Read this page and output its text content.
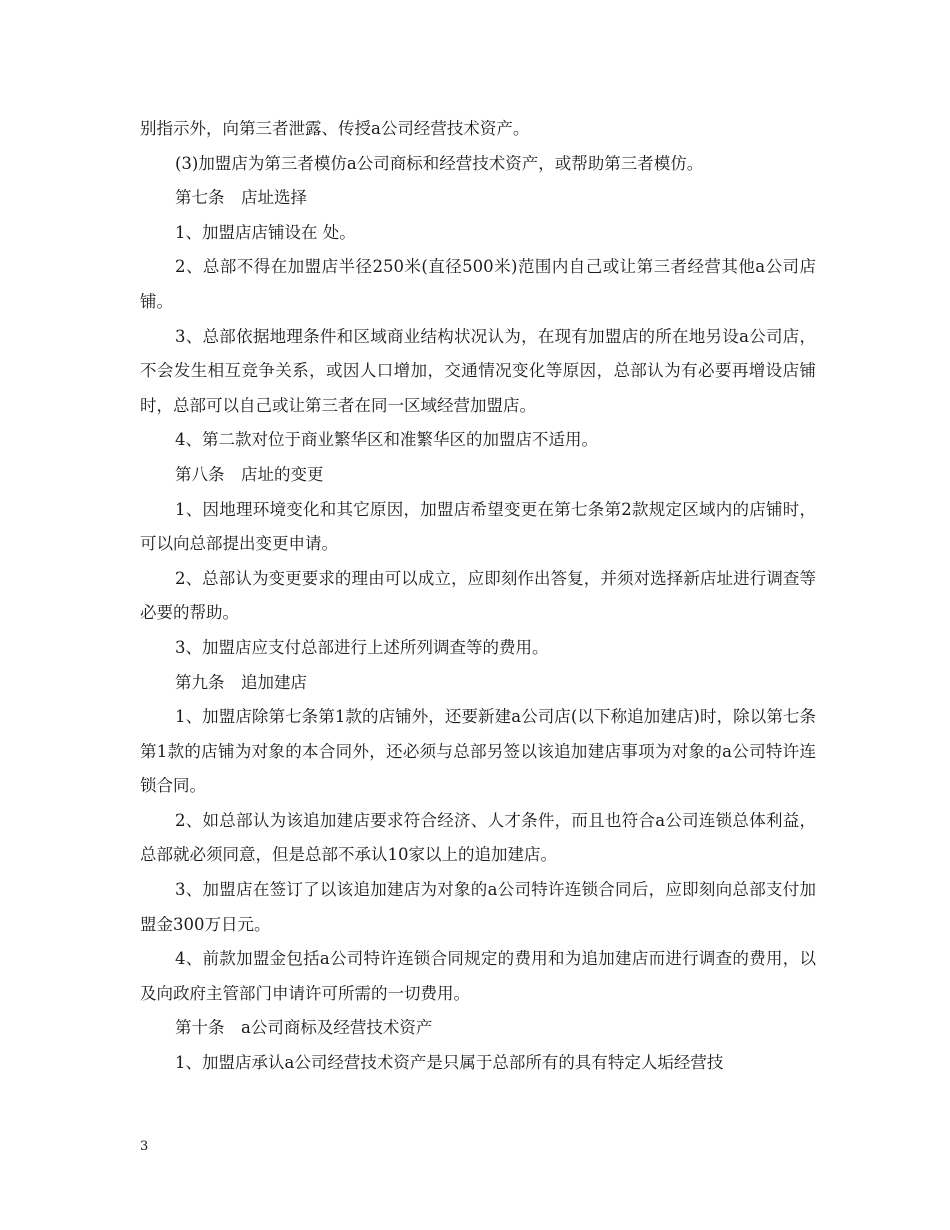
别指示外，向第三者泄露、传授a公司经营技术资产。

(3)加盟店为第三者模仿a公司商标和经营技术资产，或帮助第三者模仿。

第七条　店址选择

1、加盟店店铺设在 处。

2、总部不得在加盟店半径250米(直径500米)范围内自己或让第三者经营其他a公司店铺。

3、总部依据地理条件和区域商业结构状况认为，在现有加盟店的所在地另设a公司店，不会发生相互竞争关系，或因人口增加，交通情况变化等原因，总部认为有必要再增设店铺时，总部可以自己或让第三者在同一区域经营加盟店。

4、第二款对位于商业繁华区和准繁华区的加盟店不适用。

第八条　店址的变更

1、因地理环境变化和其它原因，加盟店希望变更在第七条第2款规定区域内的店铺时，可以向总部提出变更申请。

2、总部认为变更要求的理由可以成立，应即刻作出答复，并须对选择新店址进行调查等必要的帮助。

3、加盟店应支付总部进行上述所列调查等的费用。

第九条　追加建店

1、加盟店除第七条第1款的店铺外，还要新建a公司店(以下称追加建店)时，除以第七条第1款的店铺为对象的本合同外，还必须与总部另签以该追加建店事项为对象的a公司特许连锁合同。

2、如总部认为该追加建店要求符合经济、人才条件，而且也符合a公司连锁总体利益，总部就必须同意，但是总部不承认10家以上的追加建店。

3、加盟店在签订了以该追加建店为对象的a公司特许连锁合同后，应即刻向总部支付加盟金300万日元。

4、前款加盟金包括a公司特许连锁合同规定的费用和为追加建店而进行调查的费用，以及向政府主管部门申请许可所需的一切费用。

第十条　a公司商标及经营技术资产

1、加盟店承认a公司经营技术资产是只属于总部所有的具有特定人垢经营技

3
